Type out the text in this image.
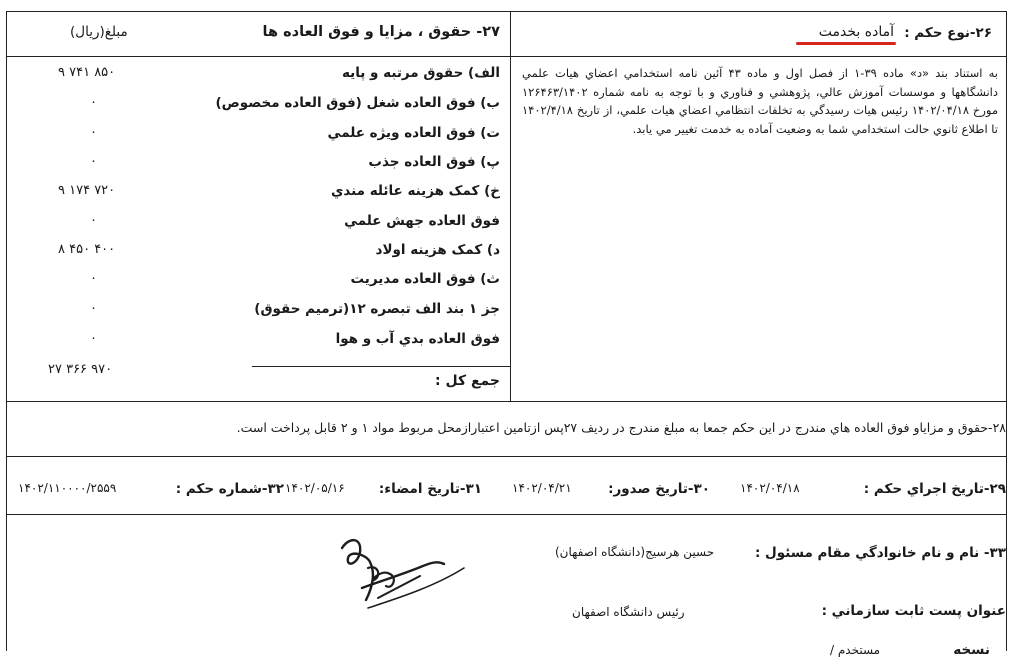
۲۶-نوع حکم :
آماده بخدمت
به استناد بند «د» ماده ۳۹-۱ از فصل اول و ماده ۴۳ آئین نامه استخدامي اعضاي هيات علمي دانشگاهها و موسسات آموزش عالي، پژوهشي و فناوري و با توجه به نامه شماره ۱۲۶۴۶۳/۱۴۰۲ مورخ ۱۴۰۲/۰۴/۱۸ رئيس هيات رسيدگي به تخلفات انتظامي اعضاي هيات علمي، از تاريخ ۱۴۰۲/۴/۱۸ تا اطلاع ثانوي حالت استخدامي شما به وضعيت آماده به خدمت تغيير مي يابد.
۲۷- حقوق ، مزايا و فوق العاده ها
مبلغ(ريال)
الف) حقوق مرتبه و پايه
۹ ۷۴۱ ۸۵۰
ب) فوق العاده شغل (فوق العاده مخصوص)
۰
ت) فوق العاده ويژه علمي
۰
پ) فوق العاده جذب
۰
خ) کمک هزينه عائله مندي
۹ ۱۷۴ ۷۲۰
فوق العاده جهش علمي
۰
د) کمک هزينه اولاد
۸ ۴۵۰ ۴۰۰
ث) فوق العاده مديريت
۰
جز ۱ بند الف تبصره ۱۲(ترميم حقوق)
۰
فوق العاده بدي آب و هوا
۰
جمع کل :
۲۷ ۳۶۶ ۹۷۰
۲۸-حقوق و مزاياو فوق العاده هاي مندرج در اين حکم جمعا به مبلغ مندرج در رديف ۲۷پس ازتامين اعتبارازمحل مربوط مواد ۱ و ۲ قابل پرداخت است.
۲۹-تاريخ اجراي حکم :
۱۴۰۲/۰۴/۱۸
۳۰-تاريخ صدور:
۱۴۰۲/۰۴/۲۱
۳۱-تاريخ امضاء:
۱۴۰۲/۰۵/۱۶
۳۲-شماره حکم :
۱۴۰۲/۱۱۰۰۰۰/۲۵۵۹
۳۳- نام و نام خانوادگي مقام مسئول :
حسين هرسيج(دانشگاه اصفهان)
عنوان پست ثابت سازماني :
رئيس دانشگاه اصفهان
نسخه
مستخدم /
